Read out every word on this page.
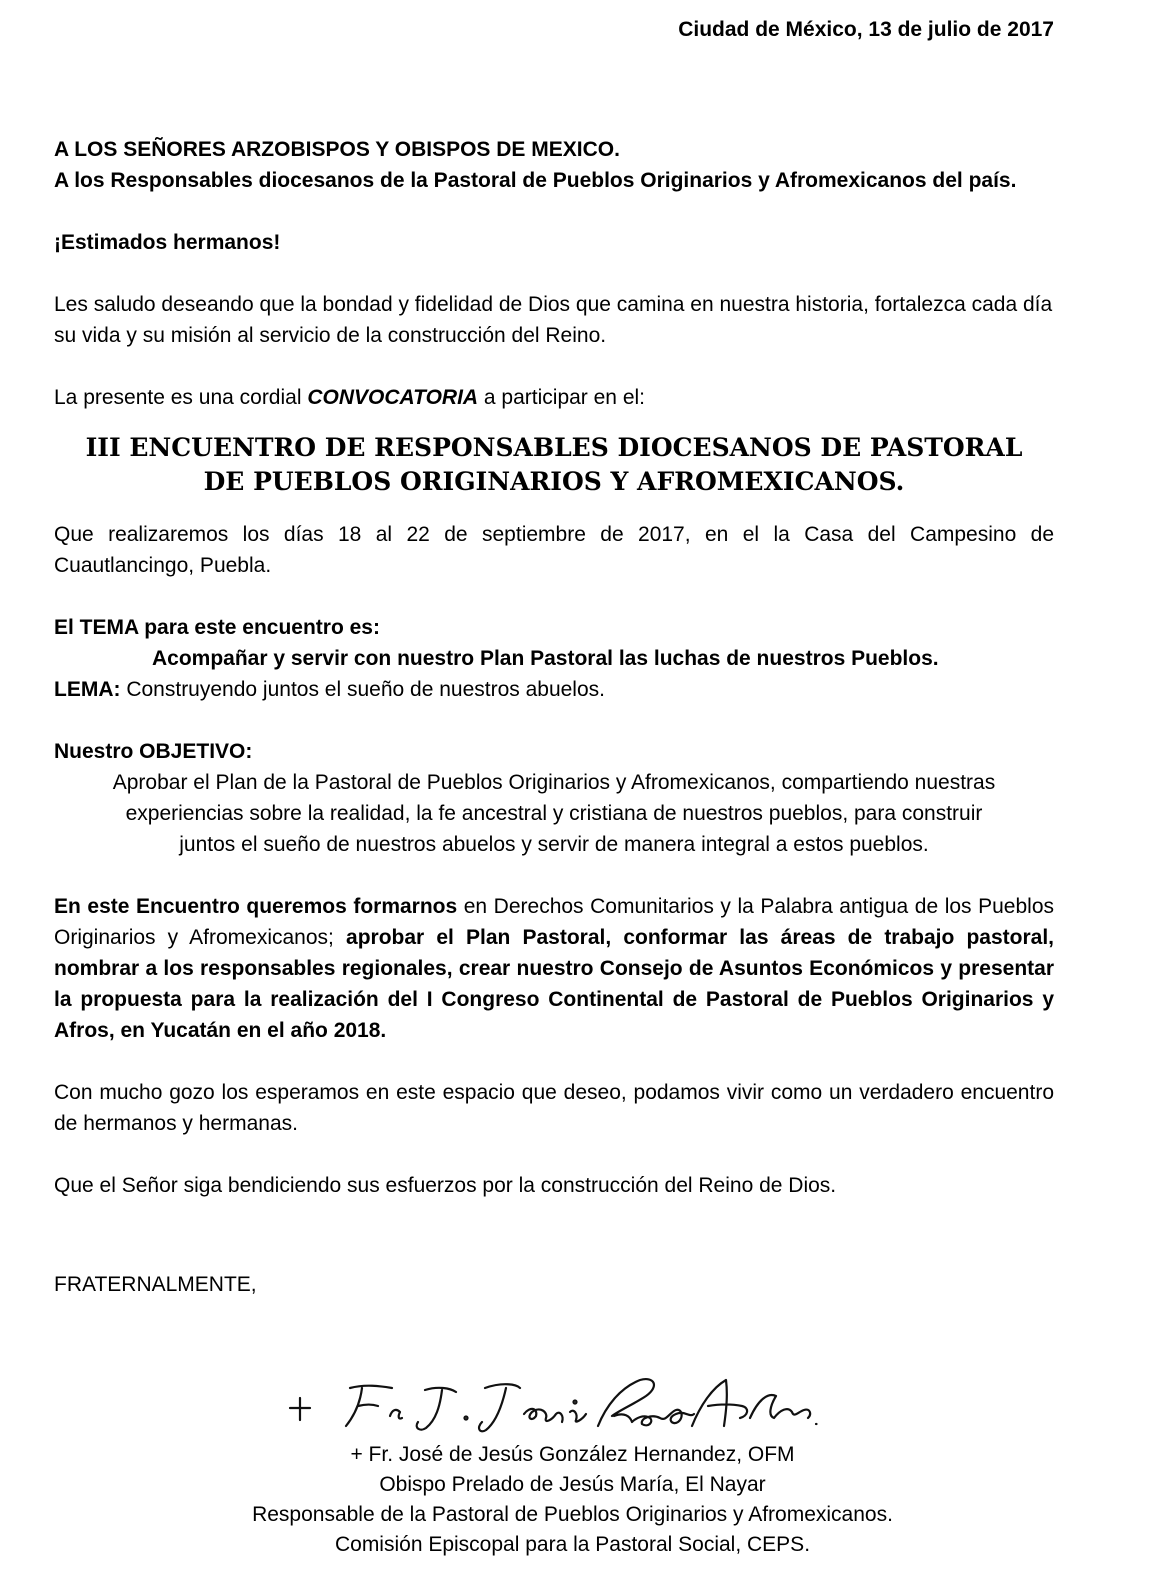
Ciudad de México, 13 de julio de 2017

A LOS SEÑORES ARZOBISPOS Y OBISPOS DE MEXICO.

A los Responsables diocesanos de la Pastoral de Pueblos Originarios y Afromexicanos del país.

¡Estimados hermanos!

Les saludo deseando que la bondad y fidelidad de Dios que camina en nuestra historia, fortalezca cada día su vida y su misión al servicio de la construcción del Reino.

La presente es una cordial CONVOCATORIA a participar en el:

III ENCUENTRO DE RESPONSABLES DIOCESANOS DE PASTORAL

DE PUEBLOS ORIGINARIOS Y AFROMEXICANOS.

Que realizaremos los días 18 al 22 de septiembre de 2017, en el la Casa del Campesino de Cuautlancingo, Puebla.

El TEMA para este encuentro es:

Acompañar y servir con nuestro Plan Pastoral las luchas de nuestros Pueblos.

LEMA: Construyendo juntos el sueño de nuestros abuelos.

Nuestro OBJETIVO:

Aprobar el Plan de la Pastoral de Pueblos Originarios y Afromexicanos, compartiendo nuestras

experiencias sobre la realidad, la fe ancestral y cristiana de nuestros pueblos, para construir

juntos el sueño de nuestros abuelos y servir de manera integral a estos pueblos.

En este Encuentro queremos formarnos en Derechos Comunitarios y la Palabra antigua de los Pueblos Originarios y Afromexicanos; aprobar el Plan Pastoral, conformar las áreas de trabajo pastoral, nombrar a los responsables regionales, crear nuestro Consejo de Asuntos Económicos y presentar la propuesta para la realización del I Congreso Continental de Pastoral de Pueblos Originarios y Afros, en Yucatán en el año 2018.

Con mucho gozo los esperamos en este espacio que deseo, podamos vivir como un verdadero encuentro de hermanos y hermanas.

Que el Señor siga bendiciendo sus esfuerzos por la construcción del Reino de Dios.

FRATERNALMENTE,

+ Fr. José de Jesús González Hernandez, OFM
Obispo Prelado de Jesús María, El Nayar
Responsable de la Pastoral de Pueblos Originarios y Afromexicanos.
Comisión Episcopal para la Pastoral Social, CEPS.
